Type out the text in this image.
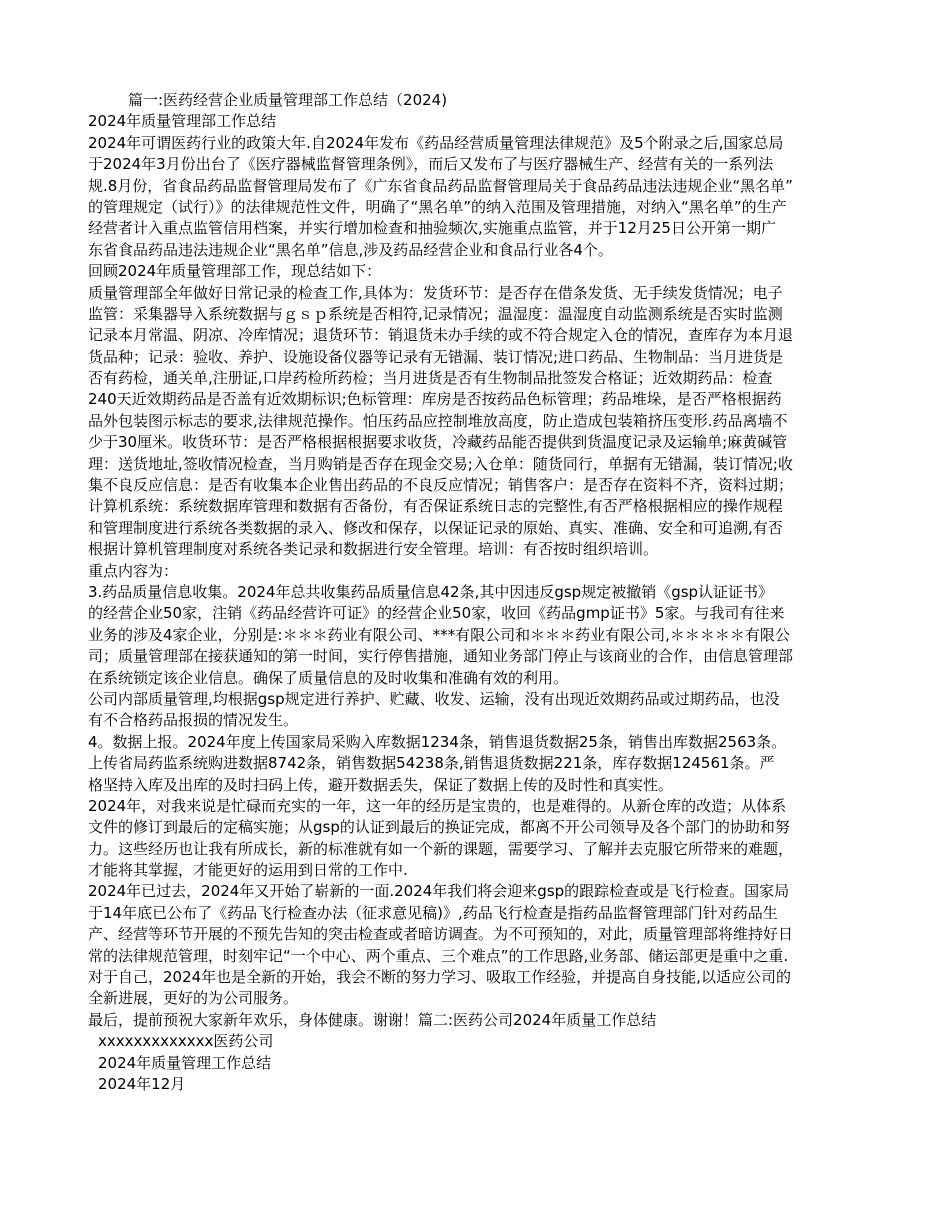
篇一:医药经营企业质量管理部工作总结（2024)
2024年质量管理部工作总结
2024年可谓医药行业的政策大年.自2024年发布《药品经营质量管理法律规范》及5个附录之后,国家总局
于2024年3月份出台了《医疗器械监督管理条例》，而后又发布了与医疗器械生产、经营有关的一系列法
规.8月份，省食品药品监督管理局发布了《广东省食品药品监督管理局关于食品药品违法违规企业“黑名单”
的管理规定（试行）》的法律规范性文件，明确了“黑名单”的纳入范围及管理措施，对纳入“黑名单”的生产
经营者计入重点监管信用档案，并实行增加检查和抽验频次,实施重点监管，并于12月25日公开第一期广
东省食品药品违法违规企业“黑名单”信息,涉及药品经营企业和食品行业各4个。
回顾2024年质量管理部工作，现总结如下：
质量管理部全年做好日常记录的检查工作,具体为：发货环节：是否存在借条发货、无手续发货情况；电子
监管：采集器导入系统数据与ｇｓｐ系统是否相符,记录情况；温湿度：温湿度自动监测系统是否实时监测
记录本月常温、阴凉、冷库情况；退货环节：销退货未办手续的或不符合规定入仓的情况，查库存为本月退
货品种；记录：验收、养护、设施设备仪器等记录有无错漏、装订情况;进口药品、生物制品：当月进货是
否有药检，通关单,注册证,口岸药检所药检；当月进货是否有生物制品批签发合格证；近效期药品：检查
240天近效期药品是否盖有近效期标识;色标管理：库房是否按药品色标管理；药品堆垛，是否严格根据药
品外包装图示标志的要求,法律规范操作。怕压药品应控制堆放高度，防止造成包装箱挤压变形.药品离墙不
少于30厘米。收货环节：是否严格根据根据要求收货，冷藏药品能否提供到货温度记录及运输单;麻黄碱管
理：送货地址,签收情况检查，当月购销是否存在现金交易;入仓单：随货同行，单据有无错漏，装订情况;收
集不良反应信息：是否有收集本企业售出药品的不良反应情况；销售客户：是否存在资料不齐，资料过期；
计算机系统：系统数据库管理和数据有否备份，有否保证系统日志的完整性,有否严格根据相应的操作规程
和管理制度进行系统各类数据的录入、修改和保存，以保证记录的原始、真实、准确、安全和可追溯,有否
根据计算机管理制度对系统各类记录和数据进行安全管理。培训：有否按时组织培训。
重点内容为：
3.药品质量信息收集。2024年总共收集药品质量信息42条,其中因违反gsp规定被撤销《gsp认证证书》
的经营企业50家，注销《药品经营许可证》的经营企业50家，收回《药品gmp证书》5家。与我司有往来
业务的涉及4家企业，分别是:＊＊＊药业有限公司、***有限公司和＊＊＊药业有限公司,＊＊＊＊＊有限公
司；质量管理部在接获通知的第一时间，实行停售措施，通知业务部门停止与该商业的合作，由信息管理部
在系统锁定该企业信息。确保了质量信息的及时收集和准确有效的利用。
公司内部质量管理,均根据gsp规定进行养护、贮藏、收发、运输，没有出现近效期药品或过期药品，也没
有不合格药品报损的情况发生。
4。数据上报。2024年度上传国家局采购入库数据1234条，销售退货数据25条，销售出库数据2563条。
上传省局药监系统购进数据8742条，销售数据54238条,销售退货数据221条，库存数据124561条。严
格坚持入库及出库的及时扫码上传，避开数据丢失，保证了数据上传的及时性和真实性。
2024年，对我来说是忙碌而充实的一年，这一年的经历是宝贵的，也是难得的。从新仓库的改造；从体系
文件的修订到最后的定稿实施；从gsp的认证到最后的换证完成，都离不开公司领导及各个部门的协助和努
力。这些经历也让我有所成长，新的标准就有如一个新的课题，需要学习、了解并去克服它所带来的难题，
才能将其掌握，才能更好的运用到日常的工作中.
2024年已过去，2024年又开始了崭新的一面.2024年我们将会迎来gsp的跟踪检查或是飞行检查。国家局
于14年底已公布了《药品飞行检查办法（征求意见稿)》,药品飞行检查是指药品监督管理部门针对药品生
产、经营等环节开展的不预先告知的突击检查或者暗访调查。为不可预知的，对此，质量管理部将维持好日
常的法律规范管理，时刻牢记“一个中心、两个重点、三个难点”的工作思路,业务部、储运部更是重中之重.
对于自己，2024年也是全新的开始，我会不断的努力学习、吸取工作经验，并提高自身技能,以适应公司的
全新进展，更好的为公司服务。
最后，提前预祝大家新年欢乐，身体健康。谢谢！篇二:医药公司2024年质量工作总结
xxxxxxxxxxxxx医药公司
2024年质量管理工作总结
2024年12月
